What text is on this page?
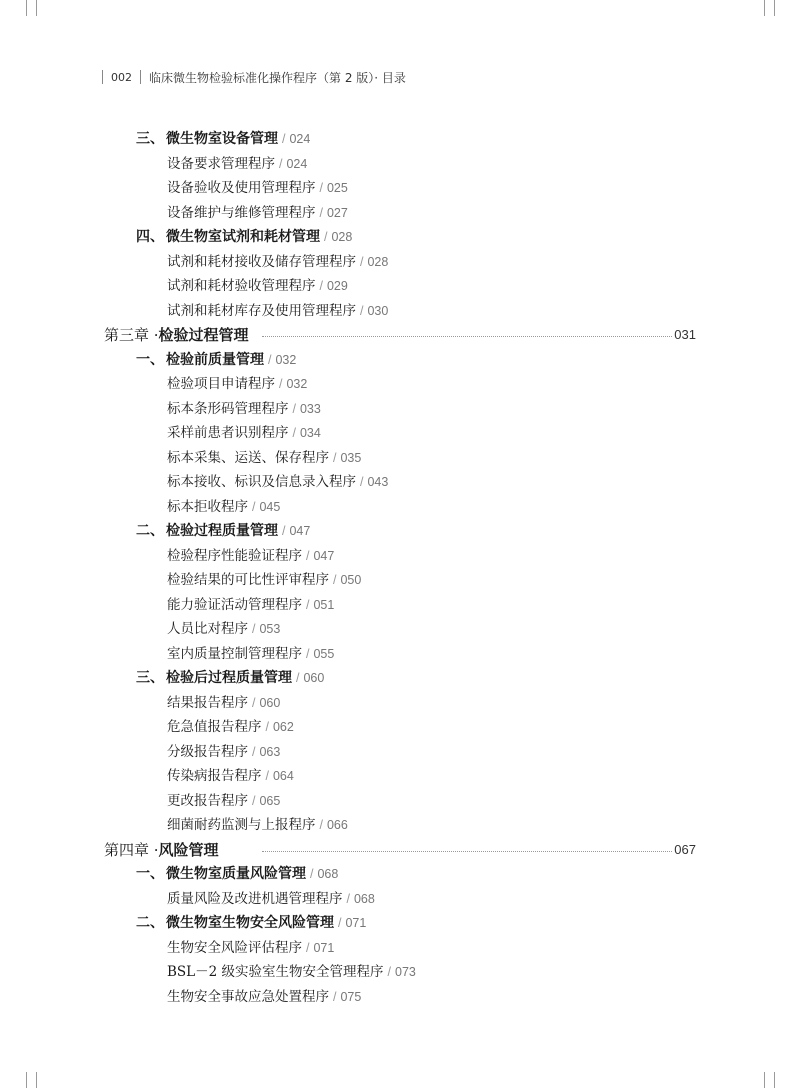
002 临床微生物检验标准化操作程序（第 2 版）· 目录
三、 微生物室设备管理 / 024
设备要求管理程序 / 024
设备验收及使用管理程序 / 025
设备维护与维修管理程序 / 027
四、 微生物室试剂和耗材管理 / 028
试剂和耗材接收及储存管理程序 / 028
试剂和耗材验收管理程序 / 029
试剂和耗材库存及使用管理程序 / 030
第三章 ·检验过程管理	031
一、 检验前质量管理 / 032
检验项目申请程序 / 032
标本条形码管理程序 / 033
采样前患者识别程序 / 034
标本采集、运送、保存程序 / 035
标本接收、标识及信息录入程序 / 043
标本拒收程序 / 045
二、 检验过程质量管理 / 047
检验程序性能验证程序 / 047
检验结果的可比性评审程序 / 050
能力验证活动管理程序 / 051
人员比对程序 / 053
室内质量控制管理程序 / 055
三、 检验后过程质量管理 / 060
结果报告程序 / 060
危急值报告程序 / 062
分级报告程序 / 063
传染病报告程序 / 064
更改报告程序 / 065
细菌耐药监测与上报程序 / 066
第四章 ·风险管理	067
一、 微生物室质量风险管理 / 068
质量风险及改进机遇管理程序 / 068
二、 微生物室生物安全风险管理 / 071
生物安全风险评估程序 / 071
BSL－2 级实验室生物安全管理程序 / 073
生物安全事故应急处置程序 / 075
